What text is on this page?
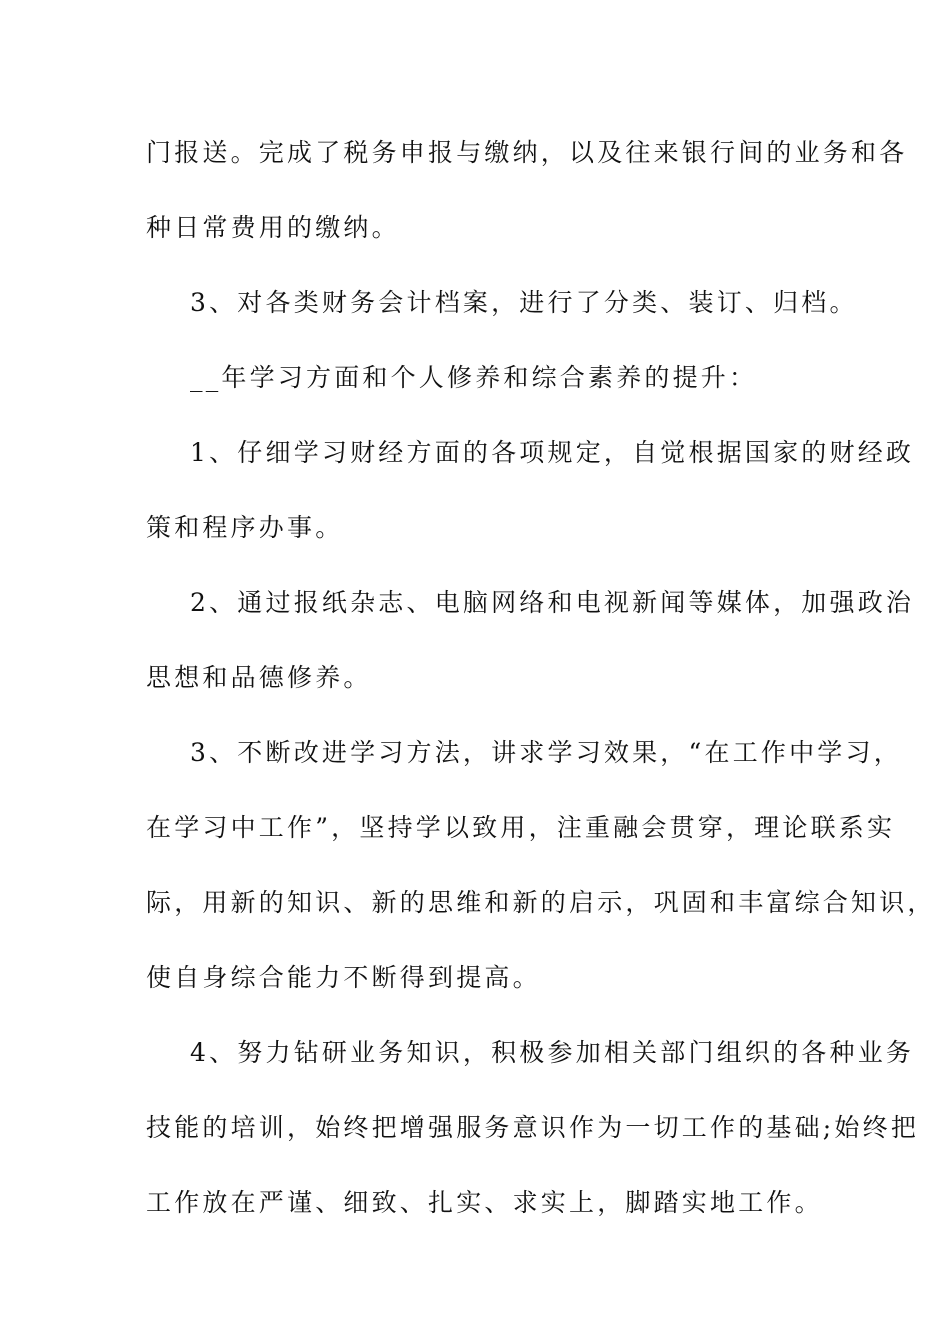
门报送。完成了税务申报与缴纳，以及往来银行间的业务和各
种日常费用的缴纳。
3、对各类财务会计档案，进行了分类、装订、归档。
__年学习方面和个人修养和综合素养的提升：
1、仔细学习财经方面的各项规定，自觉根据国家的财经政
策和程序办事。
2、通过报纸杂志、电脑网络和电视新闻等媒体，加强政治
思想和品德修养。
3、不断改进学习方法，讲求学习效果，“在工作中学习，
在学习中工作”，坚持学以致用，注重融会贯穿，理论联系实
际，用新的知识、新的思维和新的启示，巩固和丰富综合知识，
使自身综合能力不断得到提高。
4、努力钻研业务知识，积极参加相关部门组织的各种业务
技能的培训，始终把增强服务意识作为一切工作的基础;始终把
工作放在严谨、细致、扎实、求实上，脚踏实地工作。
